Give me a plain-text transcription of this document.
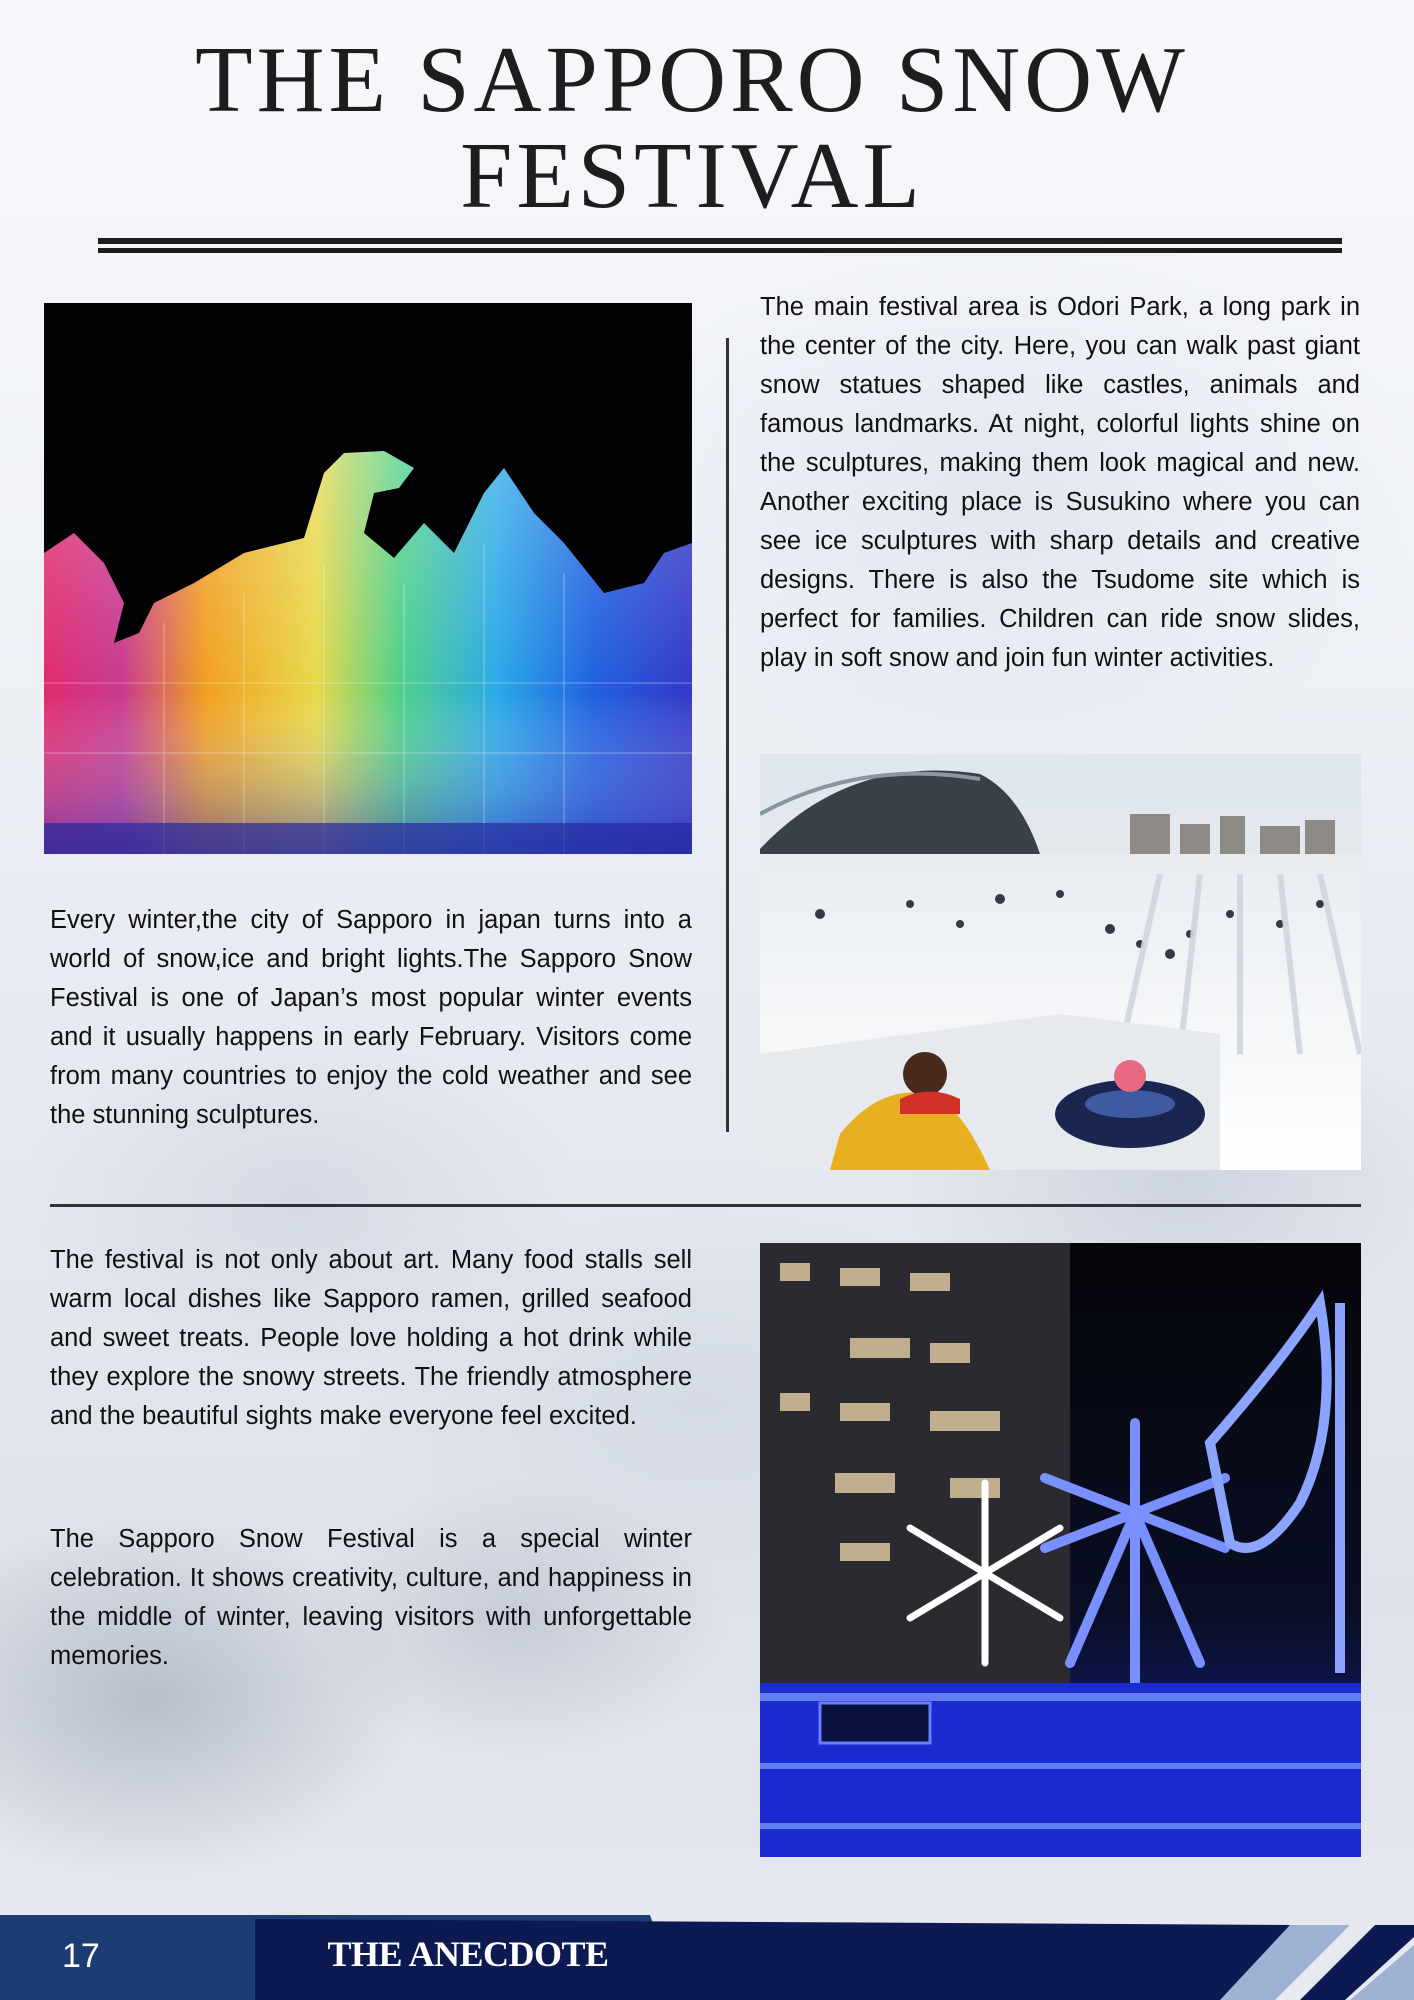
THE SAPPORO SNOW FESTIVAL

Every winter,the city of Sapporo in japan turns into a world of snow,ice and bright lights.The Sapporo Snow Festival is one of Japan’s most popular winter events and it usually happens in early February. Visitors come from many countries to enjoy the cold weather and see the stunning sculptures.

The main festival area is Odori Park, a long park in the center of the city. Here, you can walk past giant snow statues shaped like castles, animals and famous landmarks. At night, colorful lights shine on the sculptures, making them look magical and new. Another exciting place is Susukino where you can see ice sculptures with sharp details and creative designs. There is also the Tsudome site which is perfect for families. Children can ride snow slides, play in soft snow and join fun winter activities.

The festival is not only about art. Many food stalls sell warm local dishes like Sapporo ramen, grilled seafood and sweet treats. People love holding a hot drink while they explore the snowy streets. The friendly atmosphere and the beautiful sights make everyone feel excited.

The Sapporo Snow Festival is a special winter celebration. It shows creativity, culture, and happiness in the middle of winter, leaving visitors with unforgettable memories.

17	THE ANECDOTE
